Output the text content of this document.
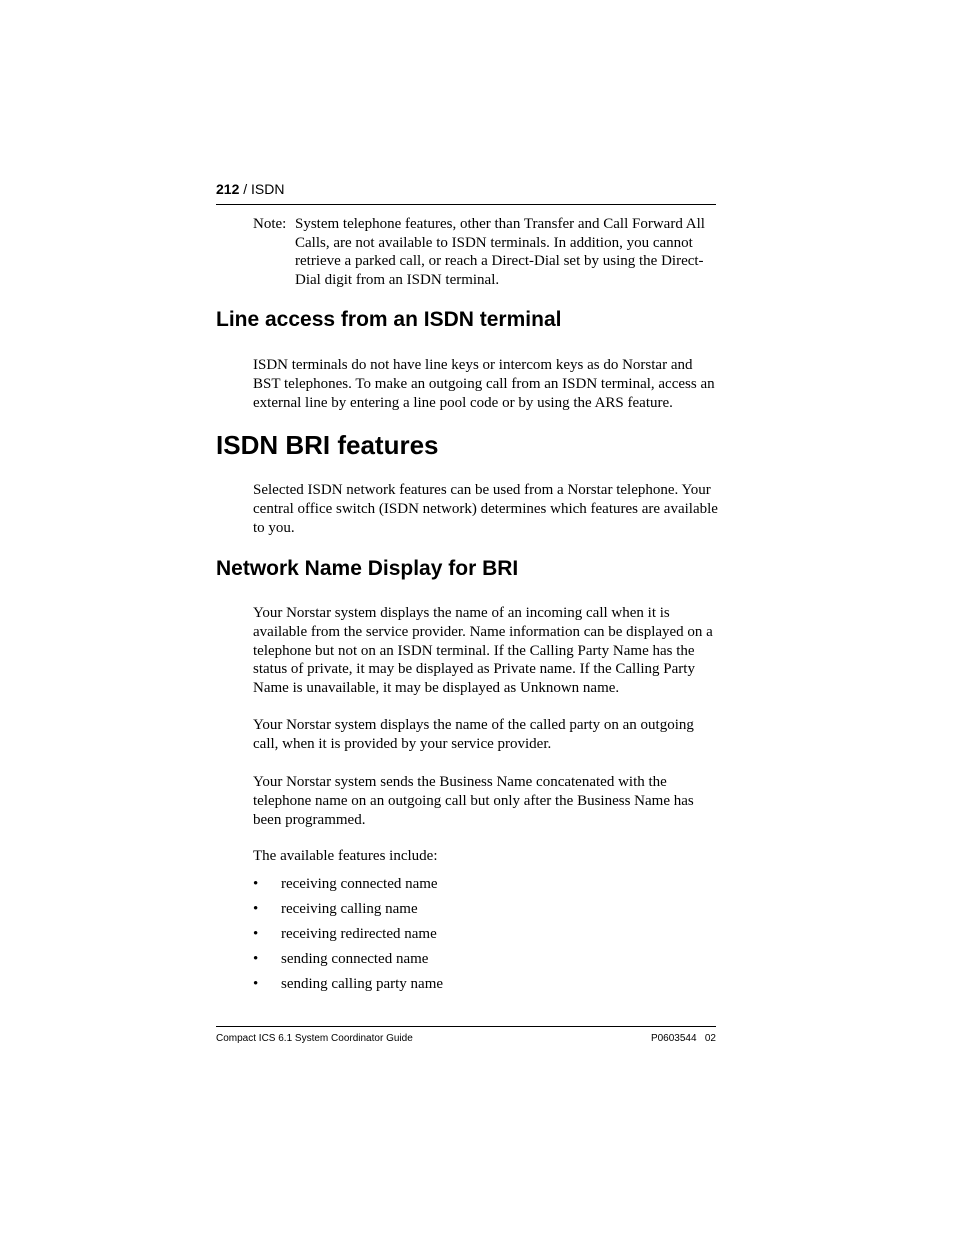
212 / ISDN
Note: System telephone features, other than Transfer and Call Forward All Calls, are not available to ISDN terminals. In addition, you cannot retrieve a parked call, or reach a Direct-Dial set by using the Direct-Dial digit from an ISDN terminal.
Line access from an ISDN terminal

ISDN terminals do not have line keys or intercom keys as do Norstar and BST telephones. To make an outgoing call from an ISDN terminal, access an external line by entering a line pool code or by using the ARS feature.

ISDN BRI features

Selected ISDN network features can be used from a Norstar telephone. Your central office switch (ISDN network) determines which features are available to you.

Network Name Display for BRI

Your Norstar system displays the name of an incoming call when it is available from the service provider. Name information can be displayed on a telephone but not on an ISDN terminal. If the Calling Party Name has the status of private, it may be displayed as Private name. If the Calling Party Name is unavailable, it may be displayed as Unknown name.

Your Norstar system displays the name of the called party on an outgoing call, when it is provided by your service provider.

Your Norstar system sends the Business Name concatenated with the telephone name on an outgoing call but only after the Business Name has been programmed.

The available features include:

•	receiving connected name
•	receiving calling name
•	receiving redirected name
•	sending connected name
•	sending calling party name
Compact ICS 6.1 System Coordinator Guide	P0603544   02
